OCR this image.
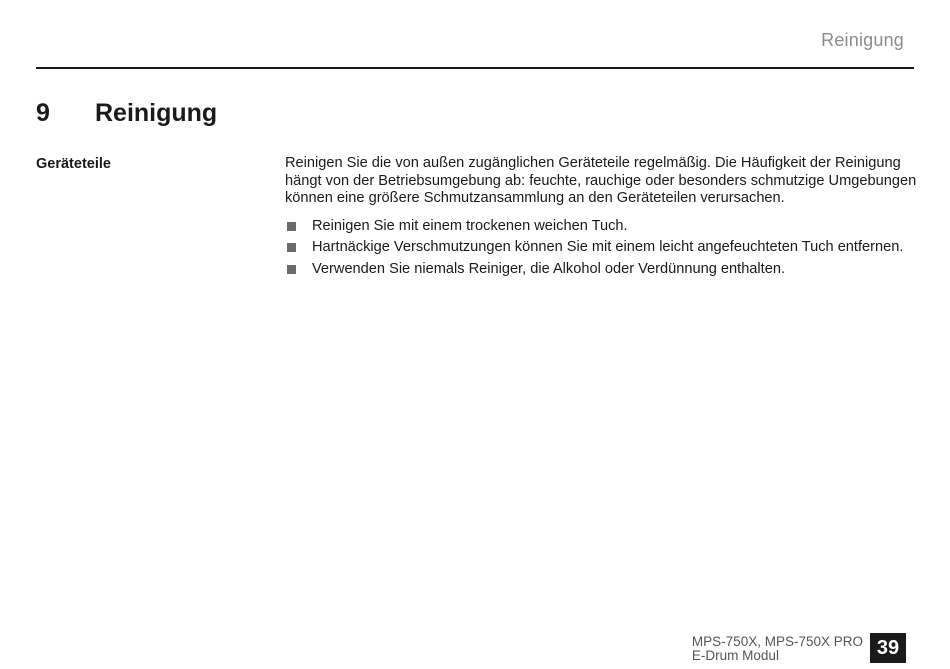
Reinigung
9	Reinigung
Geräteteile	Reinigen Sie die von außen zugänglichen Geräteteile regelmäßig. Die Häufigkeit der Reinigung hängt von der Betriebsumgebung ab: feuchte, rauchige oder besonders schmutzige Umgebungen können eine größere Schmutzansammlung an den Geräteteilen verursachen.

Reinigen Sie mit einem trockenen weichen Tuch.
Hartnäckige Verschmutzungen können Sie mit einem leicht angefeuchteten Tuch entfernen.
Verwenden Sie niemals Reiniger, die Alkohol oder Verdünnung enthalten.
MPS-750X, MPS-750X PRO
E-Drum Modul	39
